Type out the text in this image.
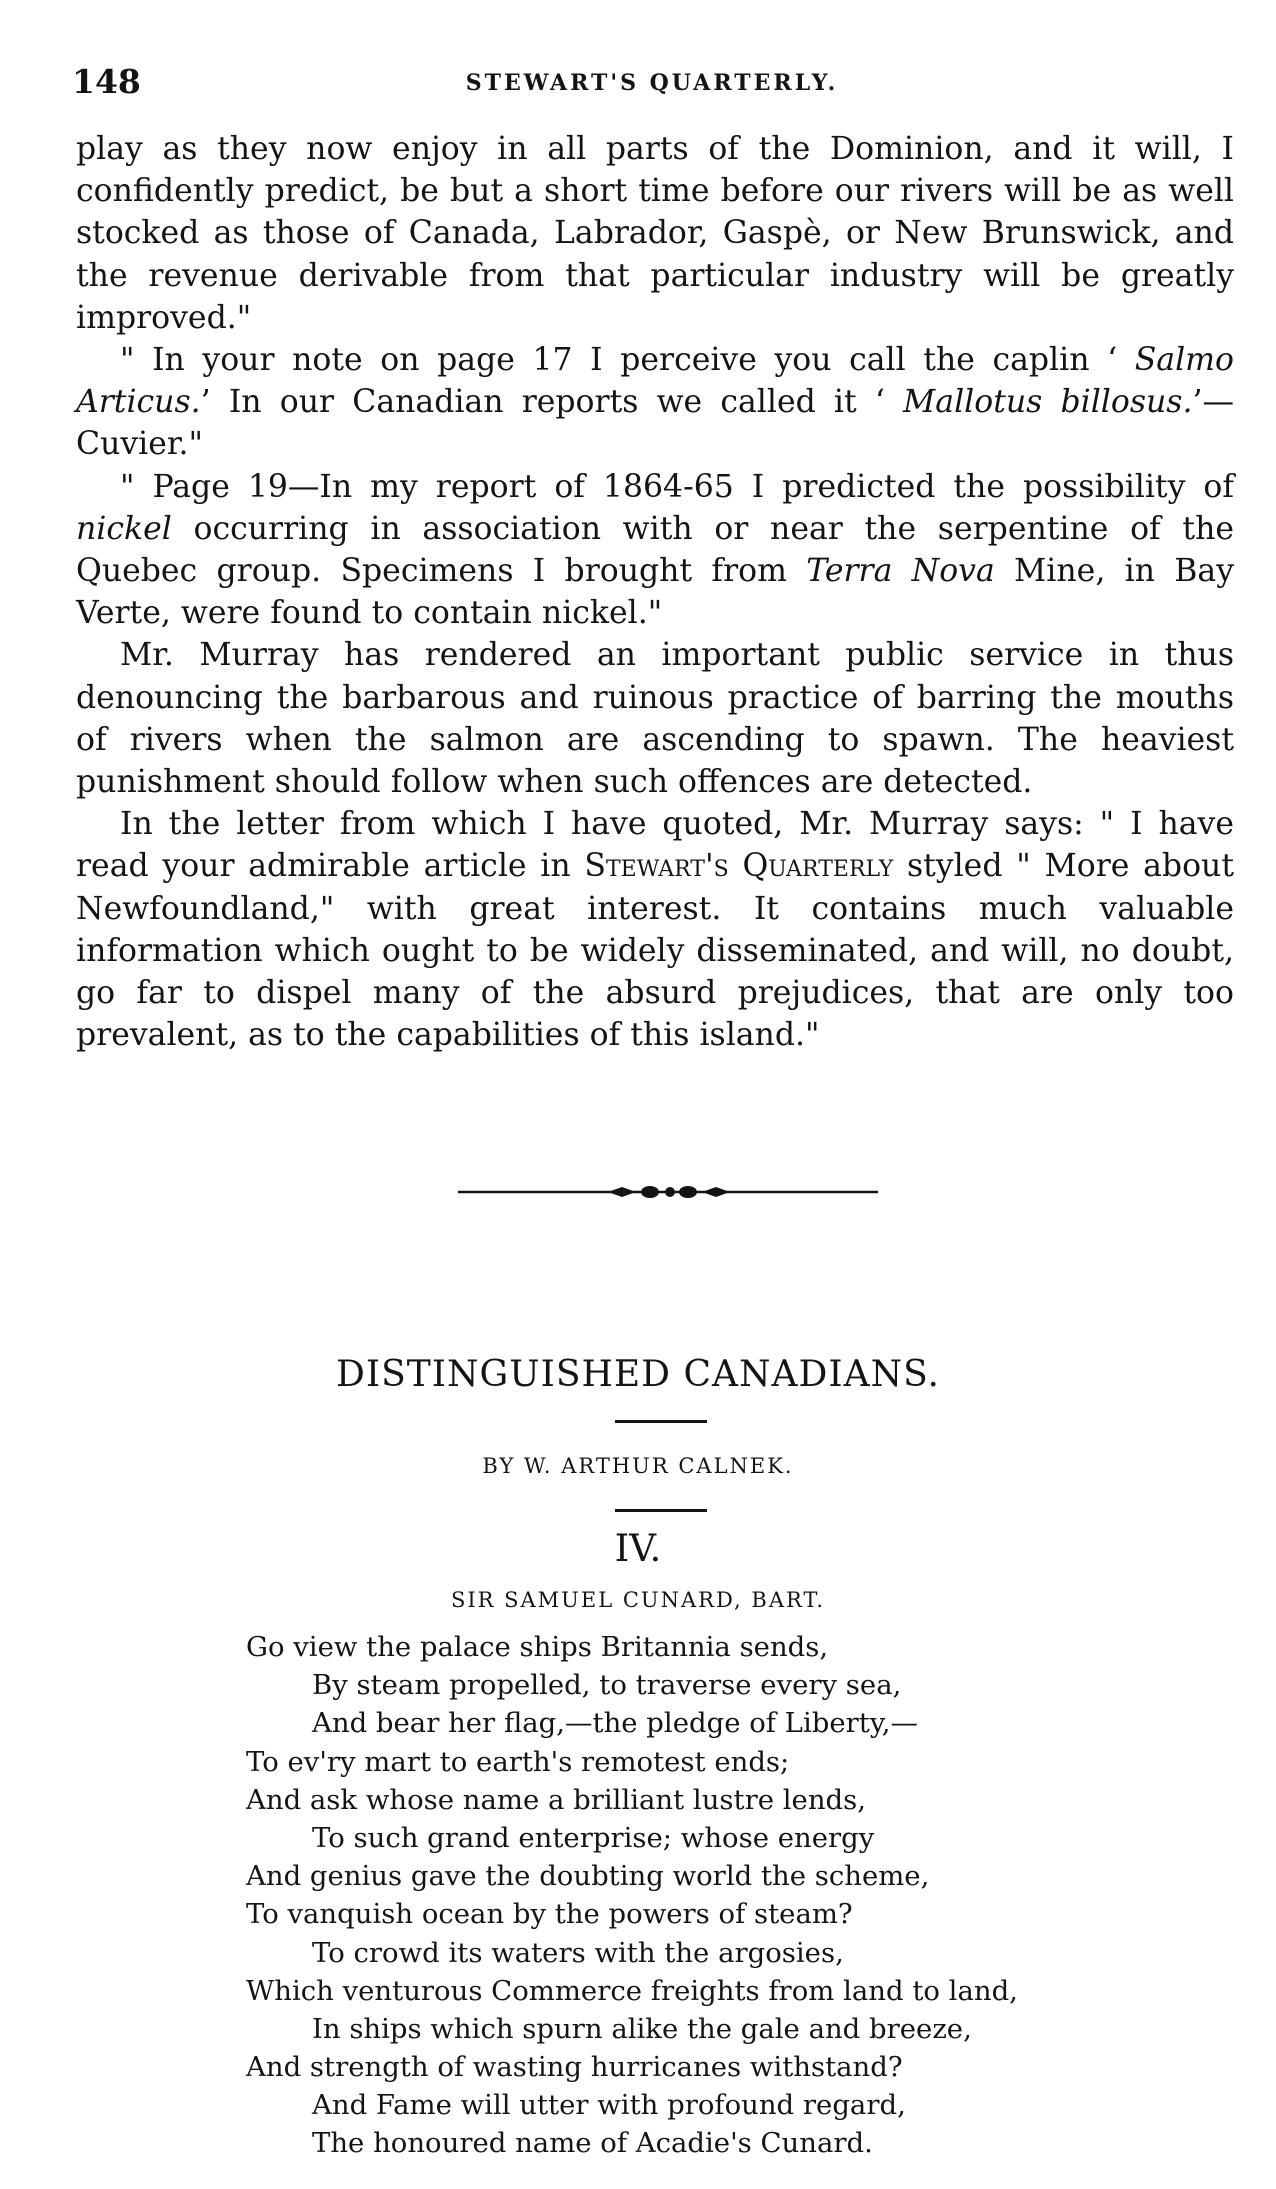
148	STEWART'S QUARTERLY.

play as they now enjoy in all parts of the Dominion, and it will, I confidently predict, be but a short time before our rivers will be as well stocked as those of Canada, Labrador, Gaspè, or New Brunswick, and the revenue derivable from that particular industry will be greatly improved."

" In your note on page 17 I perceive you call the caplin ‘ Salmo Articus.’ In our Canadian reports we called it ‘ Mallotus billosus.’—Cuvier."

" Page 19—In my report of 1864-65 I predicted the possibility of nickel occurring in association with or near the serpentine of the Quebec group. Specimens I brought from Terra Nova Mine, in Bay Verte, were found to contain nickel."

Mr. Murray has rendered an important public service in thus denouncing the barbarous and ruinous practice of barring the mouths of rivers when the salmon are ascending to spawn. The heaviest punishment should follow when such offences are detected.

In the letter from which I have quoted, Mr. Murray says: " I have read your admirable article in Stewart's Quarterly styled " More about Newfoundland," with great interest. It contains much valuable information which ought to be widely disseminated, and will, no doubt, go far to dispel many of the absurd prejudices, that are only too prevalent, as to the capabilities of this island."

DISTINGUISHED CANADIANS.
BY W. ARTHUR CALNEK.
IV.
SIR SAMUEL CUNARD, BART.
Go view the palace ships Britannia sends,
By steam propelled, to traverse every sea,
And bear her flag,—the pledge of Liberty,—
To ev'ry mart to earth's remotest ends;
And ask whose name a brilliant lustre lends,
To such grand enterprise; whose energy
And genius gave the doubting world the scheme,
To vanquish ocean by the powers of steam?
To crowd its waters with the argosies,
Which venturous Commerce freights from land to land,
In ships which spurn alike the gale and breeze,
And strength of wasting hurricanes withstand?
And Fame will utter with profound regard,
The honoured name of Acadie's Cunard.
